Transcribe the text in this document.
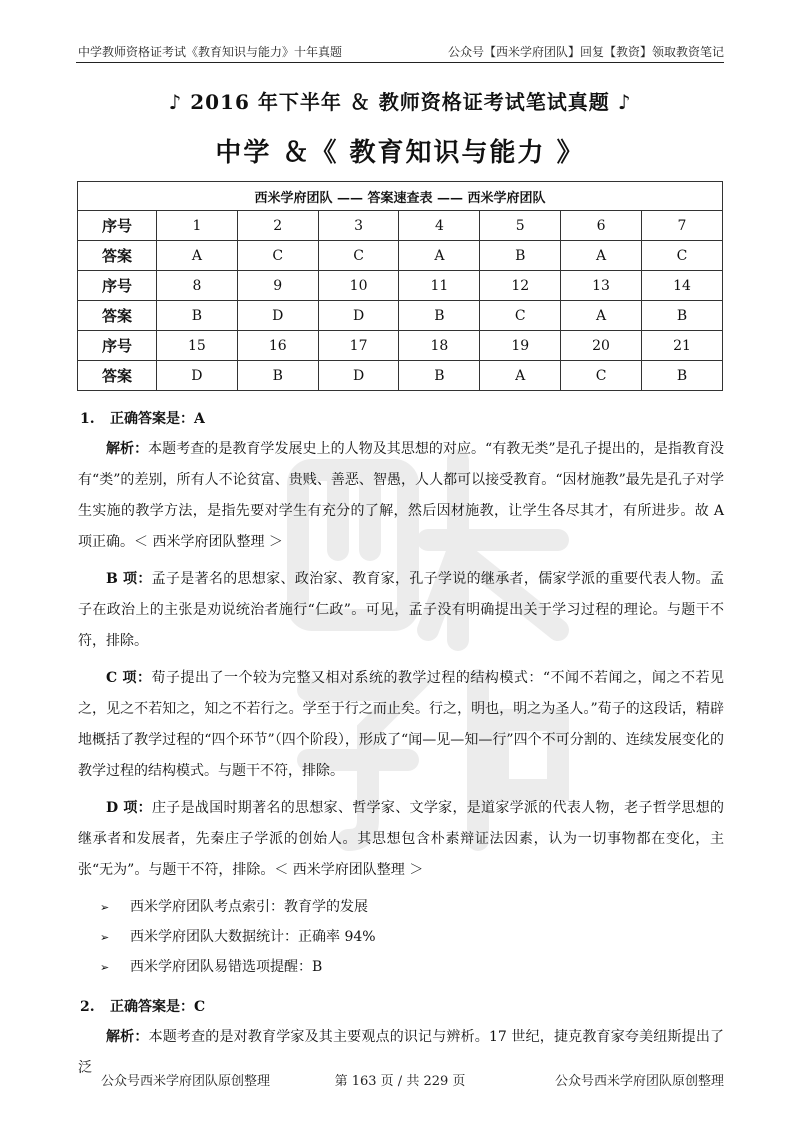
中学教师资格证考试《教育知识与能力》十年真题	公众号【西米学府团队】回复【教资】领取教资笔记
♪ 2016 年下半年 ＆ 教师资格证考试笔试真题 ♪
中学 ＆《 教育知识与能力 》
西米学府团队 —— 答案速查表 —— 西米学府团队							
序号	1	2	3	4	5	6	7
答案	A	C	C	A	B	A	C
序号	8	9	10	11	12	13	14
答案	B	D	D	B	C	A	B
序号	15	16	17	18	19	20	21
答案	D	B	D	B	A	C	B
1. 正确答案是：A

解析：本题考查的是教育学发展史上的人物及其思想的对应。“有教无类”是孔子提出的，是指教育没有“类”的差别，所有人不论贫富、贵贱、善恶、智愚，人人都可以接受教育。“因材施教”最先是孔子对学生实施的教学方法，是指先要对学生有充分的了解，然后因材施教，让学生各尽其才，有所进步。故 A 项正确。＜ 西米学府团队整理 ＞

B 项：孟子是著名的思想家、政治家、教育家，孔子学说的继承者，儒家学派的重要代表人物。孟子在政治上的主张是劝说统治者施行“仁政”。可见，孟子没有明确提出关于学习过程的理论。与题干不符，排除。

C 项：荀子提出了一个较为完整又相对系统的教学过程的结构模式：“不闻不若闻之，闻之不若见之，见之不若知之，知之不若行之。学至于行之而止矣。行之，明也，明之为圣人。”荀子的这段话，精辟地概括了教学过程的“四个环节”（四个阶段），形成了“闻—见—知—行”四个不可分割的、连续发展变化的教学过程的结构模式。与题干不符，排除。

D 项：庄子是战国时期著名的思想家、哲学家、文学家，是道家学派的代表人物，老子哲学思想的继承者和发展者，先秦庄子学派的创始人。其思想包含朴素辩证法因素，认为一切事物都在变化，主张“无为”。与题干不符，排除。＜ 西米学府团队整理 ＞

➢ 西米学府团队考点索引：教育学的发展
➢ 西米学府团队大数据统计：正确率 94%
➢ 西米学府团队易错选项提醒：B
2. 正确答案是：C

解析：本题考查的是对教育学家及其主要观点的识记与辨析。17 世纪，捷克教育家夸美纽斯提出了泛

公众号西米学府团队原创整理	第 163 页 / 共 229 页	公众号西米学府团队原创整理
